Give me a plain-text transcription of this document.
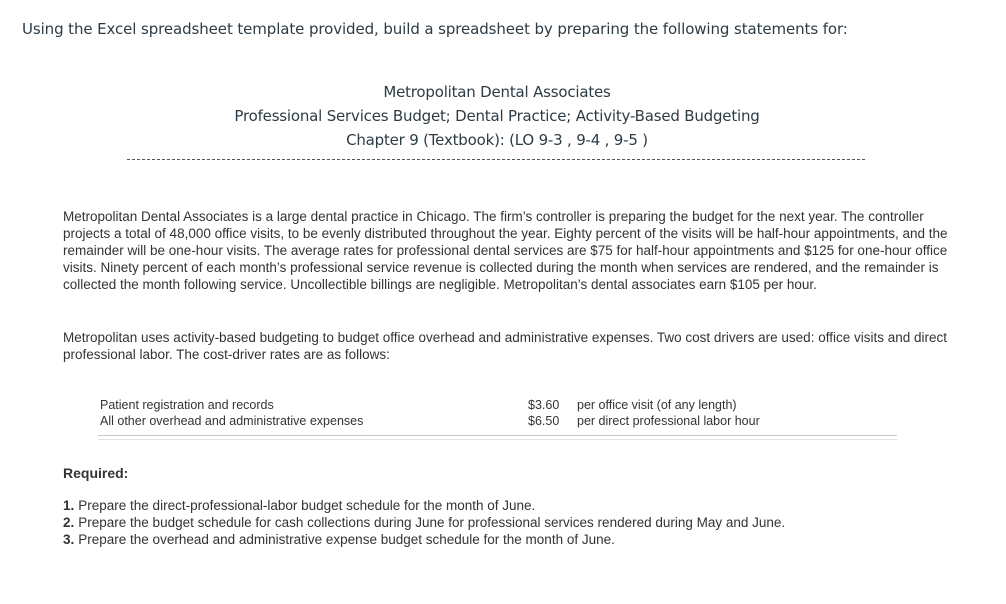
Using the Excel spreadsheet template provided, build a spreadsheet by preparing the following statements for:
Metropolitan Dental Associates
Professional Services Budget; Dental Practice; Activity-Based Budgeting
Chapter 9 (Textbook): (LO 9-3 , 9-4 , 9-5 )
Metropolitan Dental Associates is a large dental practice in Chicago. The firm’s controller is preparing the budget for the next year. The controller projects a total of 48,000 office visits, to be evenly distributed throughout the year. Eighty percent of the visits will be half-hour appointments, and the remainder will be one-hour visits. The average rates for professional dental services are $75 for half-hour appointments and $125 for one-hour office visits. Ninety percent of each month’s professional service revenue is collected during the month when services are rendered, and the remainder is collected the month following service. Uncollectible billings are negligible. Metropolitan’s dental associates earn $105 per hour.
Metropolitan uses activity-based budgeting to budget office overhead and administrative expenses. Two cost drivers are used: office visits and direct professional labor. The cost-driver rates are as follows:
Patient registration and records	$3.60 per office visit (of any length)
All other overhead and administrative expenses	$6.50 per direct professional labor hour
Required:
1. Prepare the direct-professional-labor budget schedule for the month of June.
2. Prepare the budget schedule for cash collections during June for professional services rendered during May and June.
3. Prepare the overhead and administrative expense budget schedule for the month of June.
